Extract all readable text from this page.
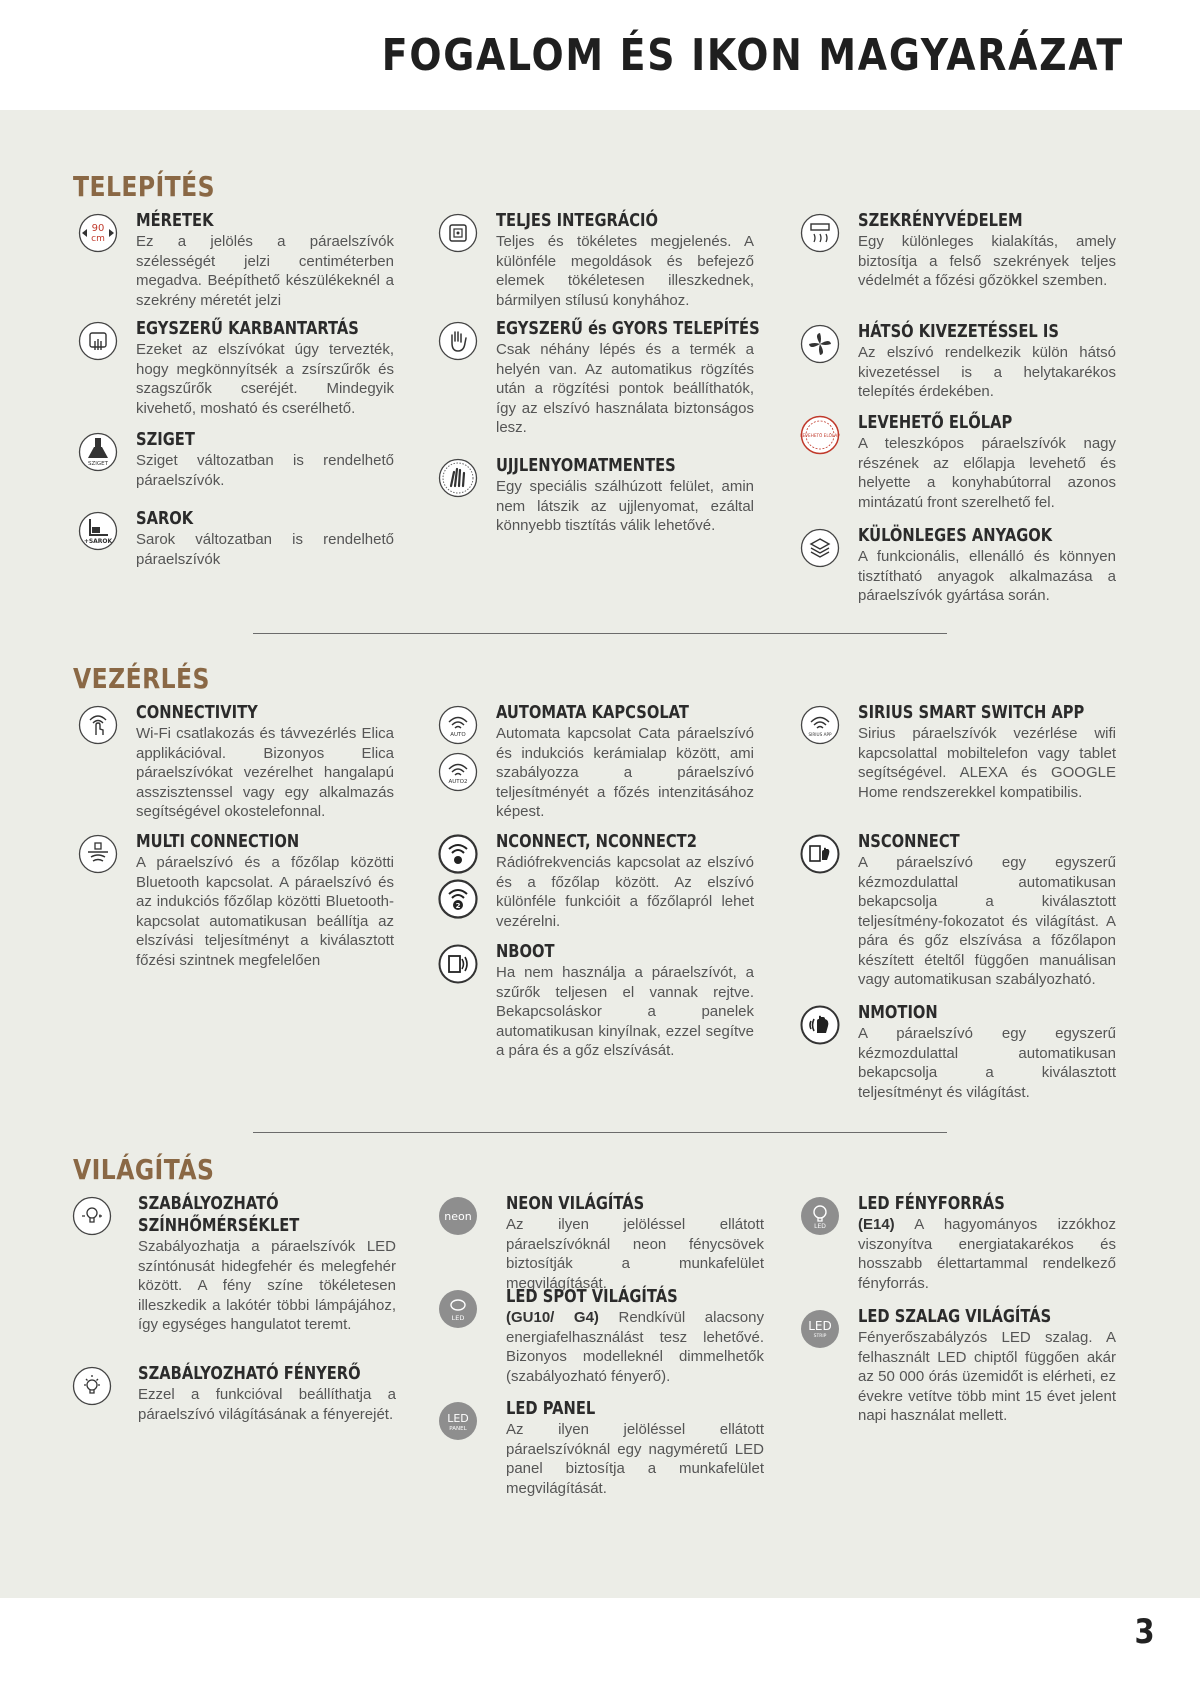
FOGALOM ÉS IKON MAGYARÁZAT
TELEPÍTÉS
90
cm
MÉRETEK

Ez a jelölés a páraelszívók szélességét jelzi centiméterben megadva. Beépíthető készülékeknél a szekrény méretét jelzi

EGYSZERŰ KARBANTARTÁS

Ezeket az elszívókat úgy tervezték, hogy megkönnyítsék a zsírszűrők és szagszűrők cseréjét. Mindegyik kivehető, mosható és cserélhető.

SZIGET
SZIGET

Sziget változatban is rendelhető páraelszívók.

+SAROK
SAROK

Sarok változatban is rendelhető páraelszívók

TELJES INTEGRÁCIÓ

Teljes és tökéletes megjelenés. A különféle megoldások és befejező elemek tökéletesen illeszkednek, bármilyen stílusú konyhához.

EGYSZERŰ és GYORS TELEPÍTÉS

Csak néhány lépés és a termék a helyén van. Az automatikus rögzítés után a rögzítési pontok beállíthatók, így az elszívó használata biztonságos lesz.

UJJLENYOMATMENTES

Egy speciális szálhúzott felület, amin nem látszik az ujjlenyomat, ezáltal könnyebb tisztítás válik lehetővé.

SZEKRÉNYVÉDELEM

Egy különleges kialakítás, amely biztosítja a felső szekrények teljes védelmét a főzési gőzökkel szemben.

HÁTSÓ KIVEZETÉSSEL IS

Az elszívó rendelkezik külön hátsó kivezetéssel is a helytakarékos telepítés érdekében.

LEVEHETŐ ELŐLAP
LEVEHETŐ ELŐLAP

A teleszkópos páraelszívók nagy részének az előlapja levehető és helyette a konyhabútorral azonos mintázatú front szerelhető fel.

KÜLÖNLEGES ANYAGOK

A funkcionális, ellenálló és könnyen tisztítható anyagok alkalmazása a páraelszívók gyártása során.

VEZÉRLÉS
CONNECTIVITY

Wi-Fi csatlakozás és távvezérlés Elica applikációval. Bizonyos Elica páraelszívókat vezérelhet hangalapú asszisztenssel vagy egy alkalmazás segítségével okostelefonnal.

MULTI CONNECTION

A páraelszívó és a főzőlap közötti Bluetooth kapcsolat. A páraelszívó és az indukciós főzőlap közötti Bluetooth-kapcsolat automatikusan beállítja az elszívási teljesítményt a kiválasztott főzési szintnek megfelelően

AUTO
AUTO2
AUTOMATA KAPCSOLAT

Automata kapcsolat Cata páraelszívó és indukciós kerámialap között, ami szabályozza a páraelszívó teljesítményét a főzés intenzitásához képest.

2
NCONNECT, NCONNECT2

Rádiófrekvenciás kapcsolat az elszívó és a főzőlap között. Az elszívó különféle funkcióit a főzőlapról lehet vezérelni.

NBOOT

Ha nem használja a páraelszívót, a szűrők teljesen el vannak rejtve. Bekapcsoláskor a panelek automatikusan kinyílnak, ezzel segítve a pára és a gőz elszívását.

SIRIUS APP
SIRIUS SMART SWITCH APP

Sirius páraelszívók vezérlése wifi kapcsolattal mobiltelefon vagy tablet segítségével. ALEXA és GOOGLE Home rendszerekkel kompatibilis.

NSCONNECT

A páraelszívó egy egyszerű kézmozdulattal automatikusan bekapcsolja a kiválasztott teljesítmény-fokozatot és világítást. A pára és gőz elszívása a főzőlapon készített ételtől függően manuálisan vagy automatikusan szabályozható.

NMOTION

A páraelszívó egy egyszerű kézmozdulattal automatikusan bekapcsolja a kiválasztott teljesítményt és világítást.

VILÁGÍTÁS
SZABÁLYOZHATÓ
SZÍNHŐMÉRSÉKLET

Szabályozhatja a páraelszívók LED színtónusát hidegfehér és melegfehér között. A fény színe tökéletesen illeszkedik a lakótér többi lámpájához, így egységes hangulatot teremt.

SZABÁLYOZHATÓ FÉNYERŐ

Ezzel a funkcióval beállíthatja a páraelszívó világításának a fényerejét.

neon
NEON VILÁGÍTÁS

Az ilyen jelöléssel ellátott páraelszívóknál neon fénycsövek biztosítják a munkafelület megvilágítását.

LED
LED SPOT VILÁGÍTÁS

(GU10/ G4) Rendkívül alacsony energiafelhasználást tesz lehetővé. Bizonyos modelleknél dimmelhetők (szabályozható fényerő).

LED
PANEL
LED PANEL

Az ilyen jelöléssel ellátott páraelszívóknál egy nagyméretű LED panel biztosítja a munkafelület megvilágítását.

LED
LED FÉNYFORRÁS

(E14) A hagyományos izzókhoz viszonyítva energiatakarékos és hosszabb élettartammal rendelkező fényforrás.

LED
STRIP
LED SZALAG VILÁGÍTÁS

Fényerőszabályzós LED szalag. A felhasznált LED chiptől függően akár az 50 000 órás üzemidőt is elérheti, ez évekre vetítve több mint 15 évet jelent napi használat mellett.

3
